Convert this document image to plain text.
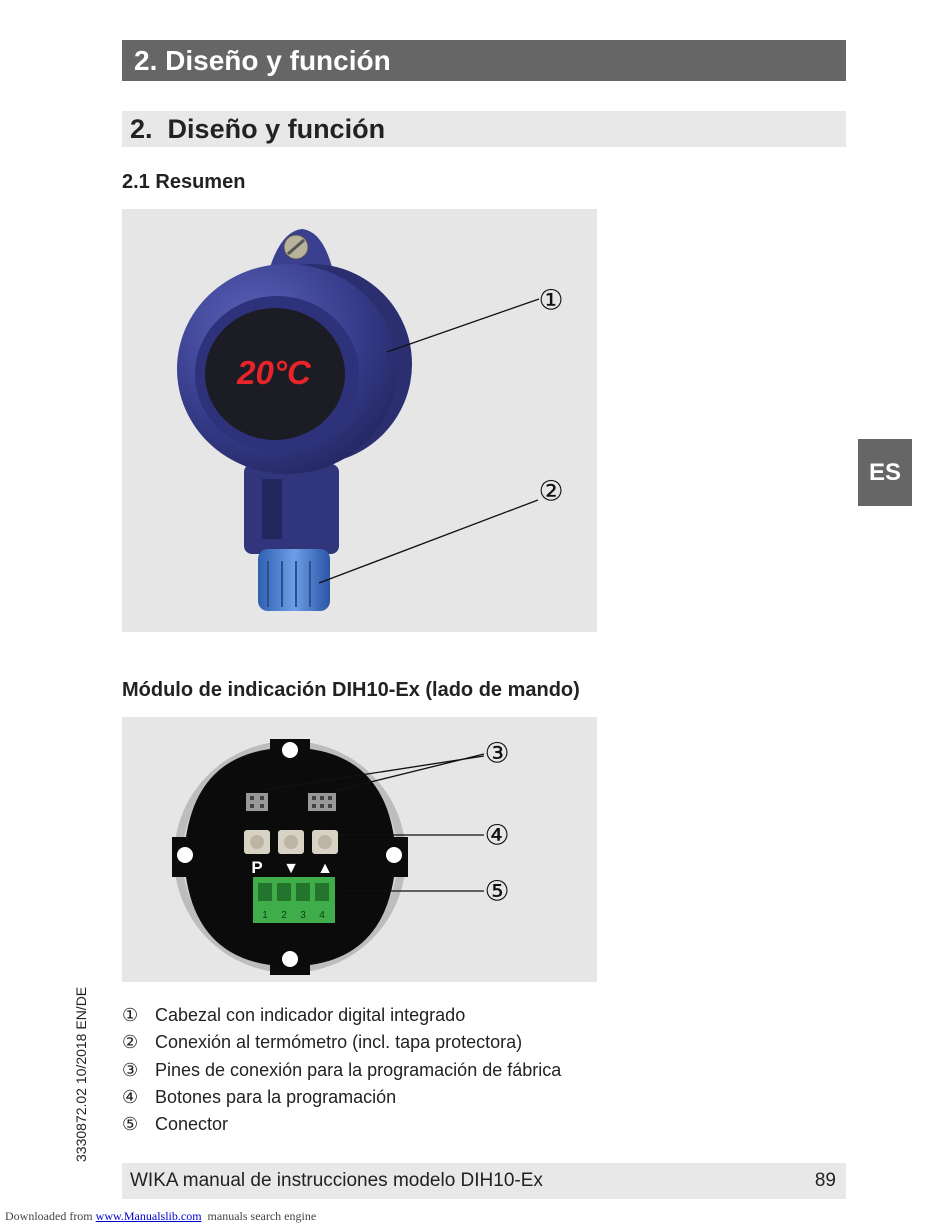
2. Diseño y función
2. Diseño y función
2.1 Resumen
20°C
①
②
Módulo de indicación DIH10-Ex (lado de mando)
P ▼ ▲
1 2 3 4
③
④
⑤
ES
3330872.02 10/2018 EN/DE ① Cabezal con indicador digital integrado
② Conexión al termómetro (incl. tapa protectora)
③ Pines de conexión para la programación de fábrica
④ Botones para la programación
⑤ Conector
WIKA manual de instrucciones modelo DIH10-Ex	89
Downloaded from www.Manualslib.com  manuals search engine
